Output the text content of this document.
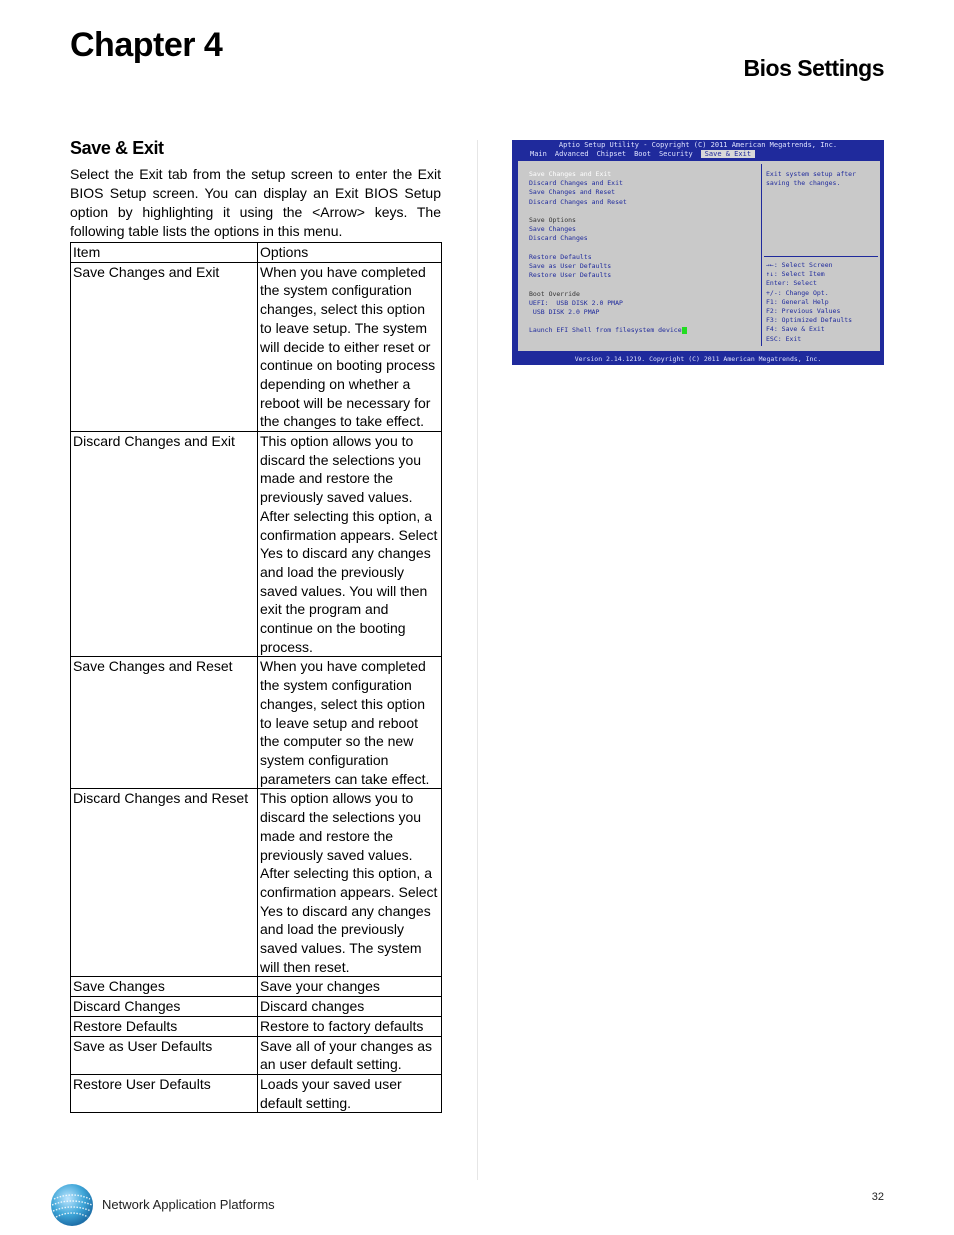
Chapter 4
Bios Settings
Save & Exit
Select the Exit tab from the setup screen to enter the Exit BIOS Setup screen. You can display an Exit BIOS Setup option by highlighting it using the <Arrow> keys. The following table lists the options in this menu.
Item	Options
Save Changes and Exit	When you have completed the system configuration changes, select this option to leave setup. The system will decide to either reset or continue on booting process depending on whether a reboot will be necessary for the changes to take effect.
Discard Changes and Exit	This option allows you to discard the selections you made and restore the previously saved values. After selecting this option, a confirmation appears. Select Yes to discard any changes and load the previously saved values. You will then exit the program and continue on the booting process.
Save Changes and Reset	When you have completed the system configuration changes, select this option to leave setup and reboot the computer so the new system configuration parameters can take effect.
Discard Changes and Reset	This option allows you to discard the selections you made and restore the previously saved values. After selecting this option, a confirmation appears. Select Yes to discard any changes and load the previously saved values. The system will then reset.
Save Changes	Save your changes
Discard Changes	Discard changes
Restore Defaults	Restore to factory defaults
Save as User Defaults	Save all of your changes as an user default setting.
Restore User Defaults	Loads your saved user default setting.
Aptio Setup Utility - Copyright (C) 2011 American Megatrends, Inc.
Main Advanced Chipset Boot Security Save & Exit
Save Changes and Exit
Discard Changes and Exit
Save Changes and Reset
Discard Changes and Reset

Save Options
Save Changes
Discard Changes

Restore Defaults
Save as User Defaults
Restore User Defaults

Boot Override
UEFI:  USB DISK 2.0 PMAP
USB DISK 2.0 PMAP

Launch EFI Shell from filesystem device
Exit system setup after saving the changes.
→←: Select Screen
↑↓: Select Item
Enter: Select
+/-: Change Opt.
F1: General Help
F2: Previous Values
F3: Optimized Defaults
F4: Save & Exit
ESC: Exit
Version 2.14.1219. Copyright (C) 2011 American Megatrends, Inc.
Network Application Platforms	32
